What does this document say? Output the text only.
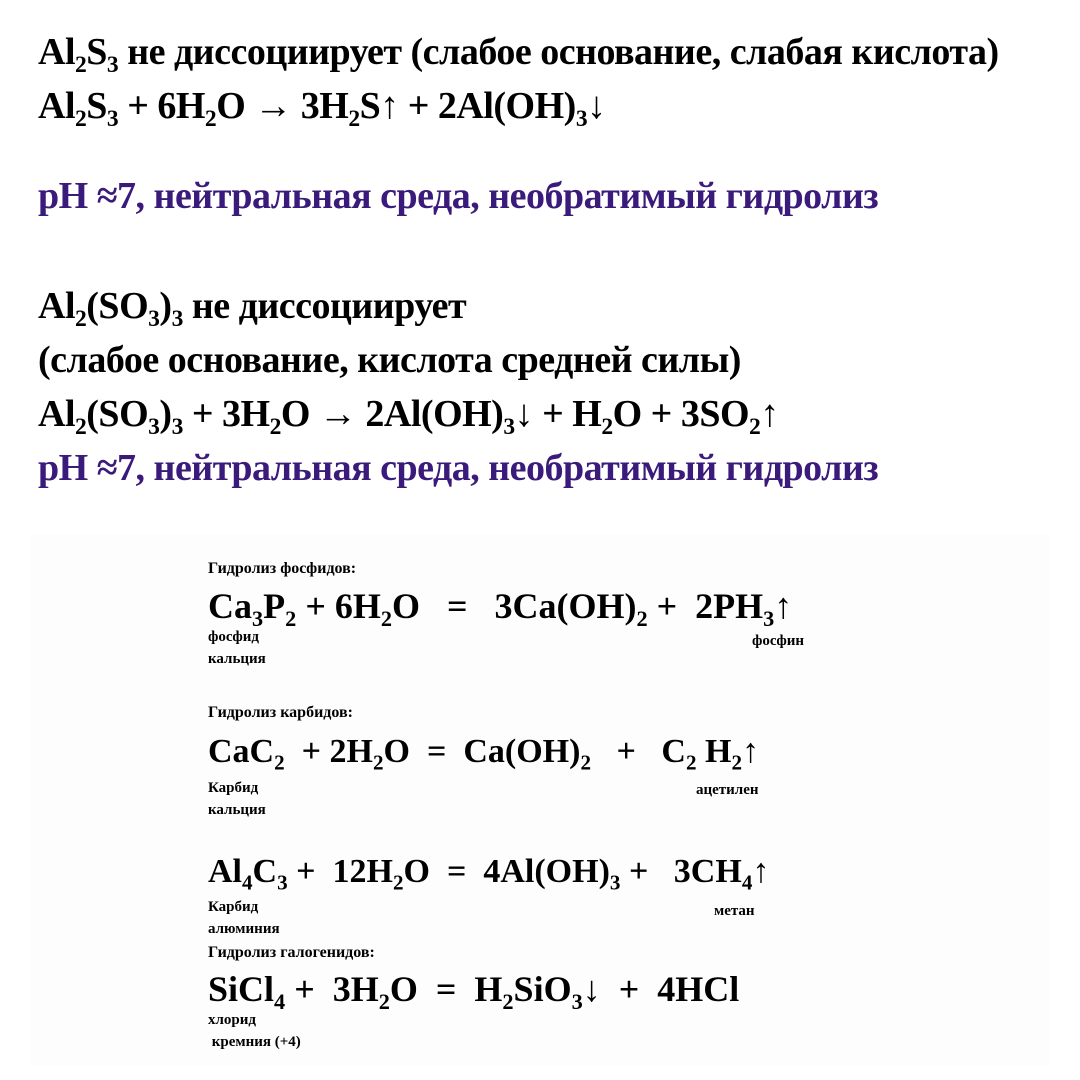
$Al_2S_3$ не диссоциирует (слабое основание, слабая кислота)
$Al_2S_3 + 6H_2O$ → $3H_2S↑$ + $2Al(OH)_3↓$
pH ≈7, нейтральная среда, необратимый гидролиз
$Al_2(SO_3)_3$ не диссоциирует
(слабое основание, кислота средней силы)
$Al_2(SO_3)_3 + 3H_2O$ → $2Al(OH)_3↓ + H_2O$ + $3SO_2↑$
pH ≈7, нейтральная среда, необратимый гидролиз
Гидролиз фосфидов:
$Ca_3P_2 + 6H_2O = 3Ca(OH)_2$ +  $2PH_3↑$
фосфид
кальция
фосфин
Гидролиз карбидов:
$CaC_2 + 2H_2O = Ca(OH)_2 + C_2$ $H_2↑$
Карбид
кальция
ацетилен
$Al_4C_3 + 12H_2O = 4Al(OH)_3$ +   $3CH_4↑$
Карбид
алюминия
метан
Гидролиз галогенидов:
SiCl$_4$ +  $3H_2O$  =  $H_2SiO_3↓ + 4HCl$
хлорид
кремния (+4)
